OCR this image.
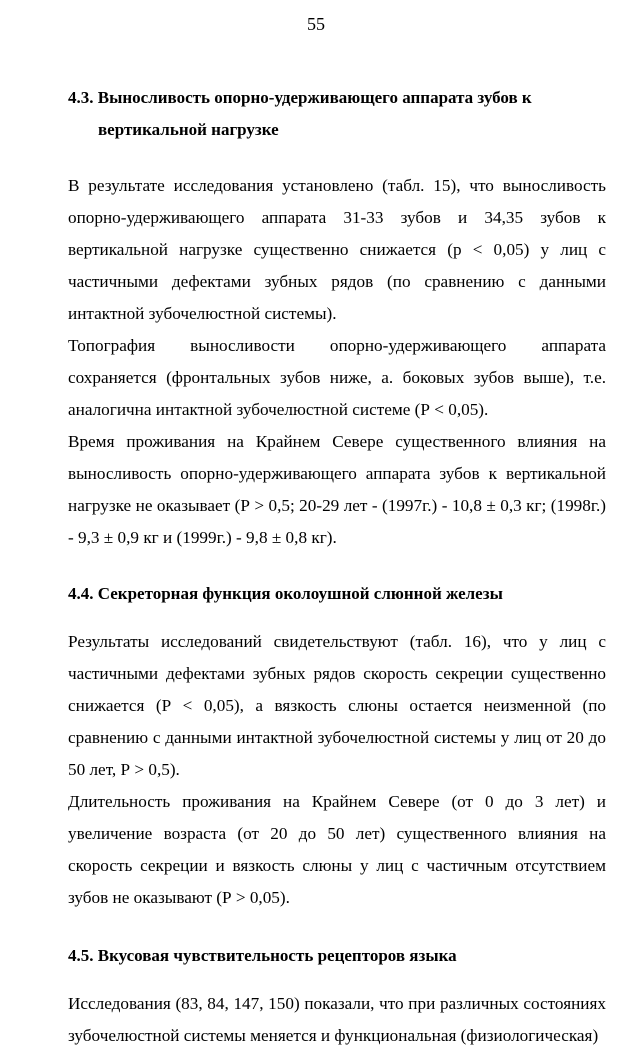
55
4.3. Выносливость опорно-удерживающего аппарата зубов к
вертикальной нагрузке

В результате исследования установлено (табл. 15), что выносливость опорно-удерживающего аппарата 31-33 зубов и 34,35 зубов к вертикальной нагрузке существенно снижается (р < 0,05) у лиц с частичными дефектами зубных рядов (по сравнению с данными интактной зубочелюстной системы).

Топография выносливости опорно-удерживающего аппарата сохраняется (фронтальных зубов ниже, а. боковых зубов выше), т.е. аналогична интактной зубочелюстной системе (Р < 0,05).

Время проживания на Крайнем Севере существенного влияния на выносливость опорно-удерживающего аппарата зубов к вертикальной нагрузке не оказывает (Р > 0,5; 20-29 лет - (1997г.) - 10,8 ± 0,3 кг; (1998г.) - 9,3 ± 0,9 кг и (1999г.) - 9,8 ± 0,8 кг).

4.4. Секреторная функция околоушной слюнной железы

Результаты исследований свидетельствуют (табл. 16), что у лиц с частичными дефектами зубных рядов скорость секреции существенно снижается (Р < 0,05), а вязкость слюны остается неизменной (по сравнению с данными интактной зубочелюстной системы у лиц от 20 до 50 лет, Р > 0,5).

Длительность проживания на Крайнем Севере (от 0 до 3 лет) и увеличение возраста (от 20 до 50 лет) существенного влияния на скорость секреции и вязкость слюны у лиц с частичным отсутствием зубов не оказывают (Р > 0,05).

4.5. Вкусовая чувствительность рецепторов языка

Исследования (83, 84, 147, 150) показали, что при различных состояниях зубочелюстной системы меняется и функциональная (физиологическая)
